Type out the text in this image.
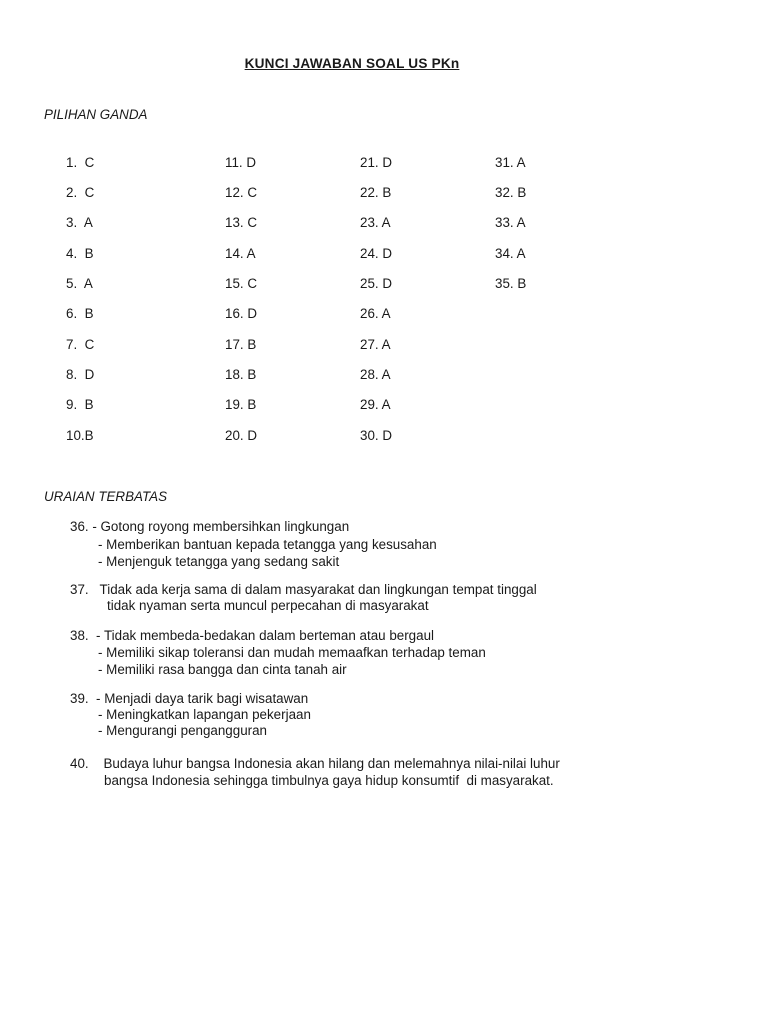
KUNCI JAWABAN SOAL US PKn
PILIHAN GANDA
1.  C
2.  C
3.  A
4.  B
5.  A
6.  B
7.  C
8.  D
9.  B
10.B
11. D
12. C
13. C
14. A
15. C
16. D
17. B
18. B
19. B
20. D
21. D
22. B
23. A
24. D
25. D
26. A
27. A
28. A
29. A
30. D
31. A
32. B
33. A
34. A
35. B
URAIAN TERBATAS
36. - Gotong royong membersihkan lingkungan
- Memberikan bantuan kepada tetangga yang kesusahan
- Menjenguk tetangga yang sedang sakit
37.   Tidak ada kerja sama di dalam masyarakat dan lingkungan tempat tinggal
tidak nyaman serta muncul perpecahan di masyarakat
38.  - Tidak membeda-bedakan dalam berteman atau bergaul
- Memiliki sikap toleransi dan mudah memaafkan terhadap teman
- Memiliki rasa bangga dan cinta tanah air
39.  - Menjadi daya tarik bagi wisatawan
- Meningkatkan lapangan pekerjaan
- Mengurangi pengangguran
40.    Budaya luhur bangsa Indonesia akan hilang dan melemahnya nilai-nilai luhur
bangsa Indonesia sehingga timbulnya gaya hidup konsumtif  di masyarakat.
